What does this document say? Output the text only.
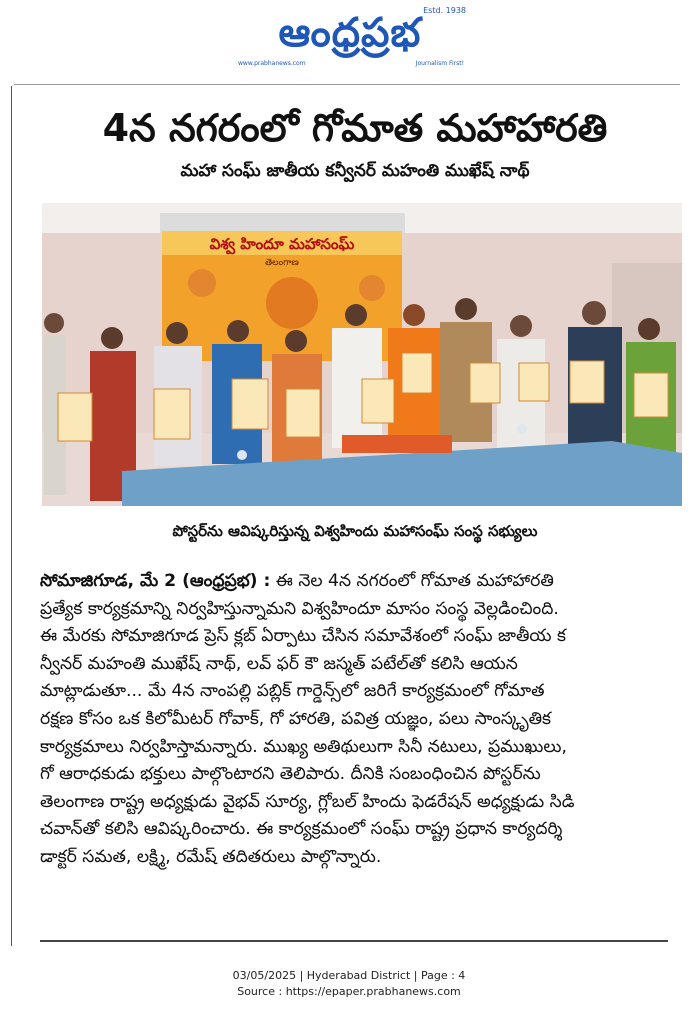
Estd. 1938
ఆంధ్రప్రభ
www.prabhanews.com	Journalism First!
4న నగరంలో గోమాత మహాహారతి
మహా సంఘ్ జాతీయ కన్వీనర్ మహంతి ముఖేష్ నాథ్
విశ్వ హిందూ మహాసంఘ్
తెలంగాణ
పోస్టర్‌ను ఆవిష్కరిస్తున్న విశ్వహిందు మహాసంఘ్ సంస్థ సభ్యులు

సోమాజిగూడ, మే 2 (ఆంధ్రప్రభ) : ఈ నెల 4న నగరంలో గోమాత మహాహారతి

ప్రత్యేక కార్యక్రమాన్ని నిర్వహిస్తున్నామని విశ్వహిందూ మాసం సంస్థ వెల్లడించింది.

ఈ మేరకు సోమాజిగూడ ప్రెస్ క్లబ్ ఏర్పాటు చేసిన సమావేశంలో సంఘ్ జాతీయ క

న్వీనర్ మహంతి ముఖేష్ నాథ్, లవ్ ఫర్ కౌ జస్మత్ పటేల్‌తో కలిసి ఆయన

మాట్లాడుతూ... మే 4న నాంపల్లి పబ్లిక్ గార్డెన్స్‌లో జరిగే కార్యక్రమంలో గోమాత

రక్షణ కోసం ఒక కిలోమీటర్ గోవాక్, గో హారతి, పవిత్ర యజ్ఞం, పలు సాంస్కృతిక

కార్యక్రమాలు నిర్వహిస్తామన్నారు. ముఖ్య అతిథులుగా సినీ నటులు, ప్రముఖులు,

గో ఆరాధకుడు భక్తులు పాల్గొంటారని తెలిపారు. దీనికి సంబంధించిన పోస్టర్‌ను

తెలంగాణ రాష్ట్ర అధ్యక్షుడు వైభవ్ సూర్య, గ్లోబల్ హిందు ఫెడరేషన్ అధ్యక్షుడు సిడి

చవాన్‌తో కలిసి ఆవిష్కరించారు. ఈ కార్యక్రమంలో సంఘ్ రాష్ట్ర ప్రధాన కార్యదర్శి

డాక్టర్ సమత, లక్ష్మి, రమేష్ తదితరులు పాల్గొన్నారు.

03/05/2025 | Hyderabad District | Page : 4
Source : https://epaper.prabhanews.com
